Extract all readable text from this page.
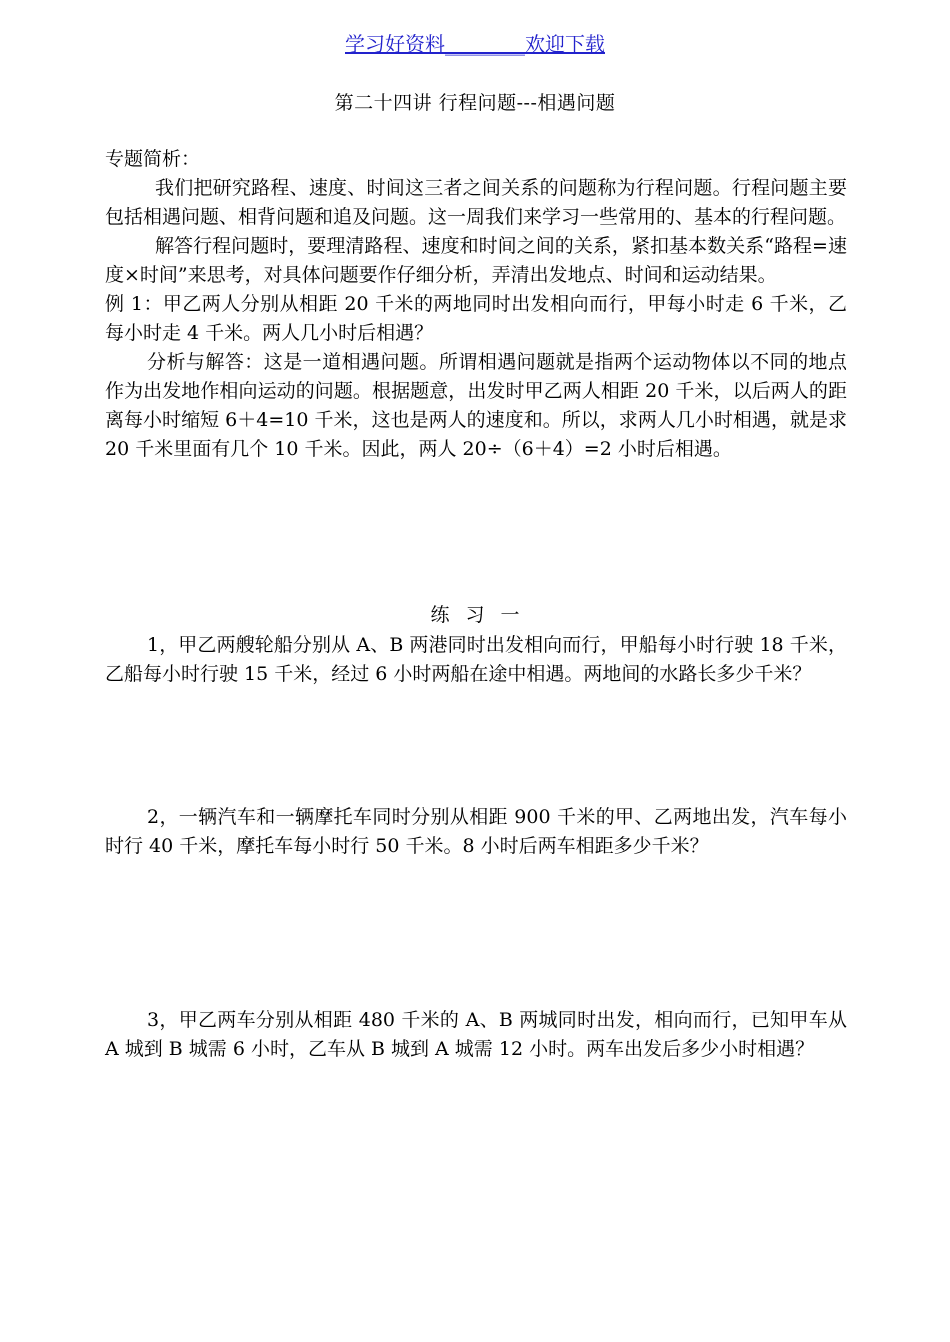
学习好资料________欢迎下载
第二十四讲 行程问题---相遇问题

专题简析：

我们把研究路程、速度、时间这三者之间关系的问题称为行程问题。行程问题主要包括相遇问题、相背问题和追及问题。这一周我们来学习一些常用的、基本的行程问题。

解答行程问题时，要理清路程、速度和时间之间的关系，紧扣基本数关系“路程=速度×时间”来思考，对具体问题要作仔细分析，弄清出发地点、时间和运动结果。

例 1：甲乙两人分别从相距 20 千米的两地同时出发相向而行，甲每小时走 6 千米，乙每小时走 4 千米。两人几小时后相遇？

分析与解答：这是一道相遇问题。所谓相遇问题就是指两个运动物体以不同的地点作为出发地作相向运动的问题。根据题意，出发时甲乙两人相距 20 千米，以后两人的距离每小时缩短 6＋4=10 千米，这也是两人的速度和。所以，求两人几小时相遇，就是求 20 千米里面有几个 10 千米。因此，两人 20÷（6＋4）=2 小时后相遇。

练习一

1，甲乙两艘轮船分别从 A、B 两港同时出发相向而行，甲船每小时行驶 18 千米，乙船每小时行驶 15 千米，经过 6 小时两船在途中相遇。两地间的水路长多少千米？

2，一辆汽车和一辆摩托车同时分别从相距 900 千米的甲、乙两地出发，汽车每小时行 40 千米，摩托车每小时行 50 千米。8 小时后两车相距多少千米？

3，甲乙两车分别从相距 480 千米的 A、B 两城同时出发，相向而行，已知甲车从 A 城到 B 城需 6 小时，乙车从 B 城到 A 城需 12 小时。两车出发后多少小时相遇？
